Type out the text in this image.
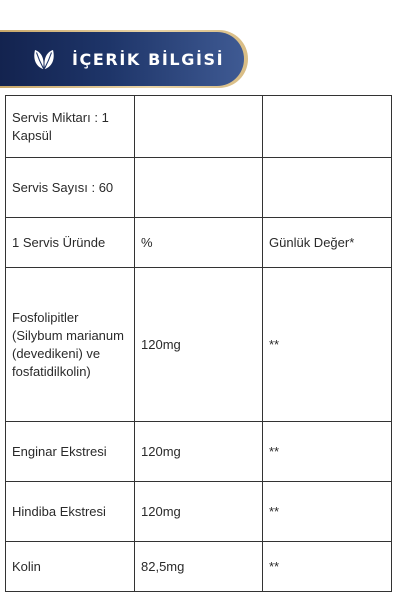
İÇERİK BİLGİSİ
Servis Miktarı : 1 Kapsül		
Servis Sayısı : 60		
1 Servis Üründe	%	Günlük Değer*
Fosfolipitler (Silybum marianum (devedikeni) ve fosfatidilkolin)	120mg	**
Enginar Ekstresi	120mg	**
Hindiba Ekstresi	120mg	**
Kolin	82,5mg	**
